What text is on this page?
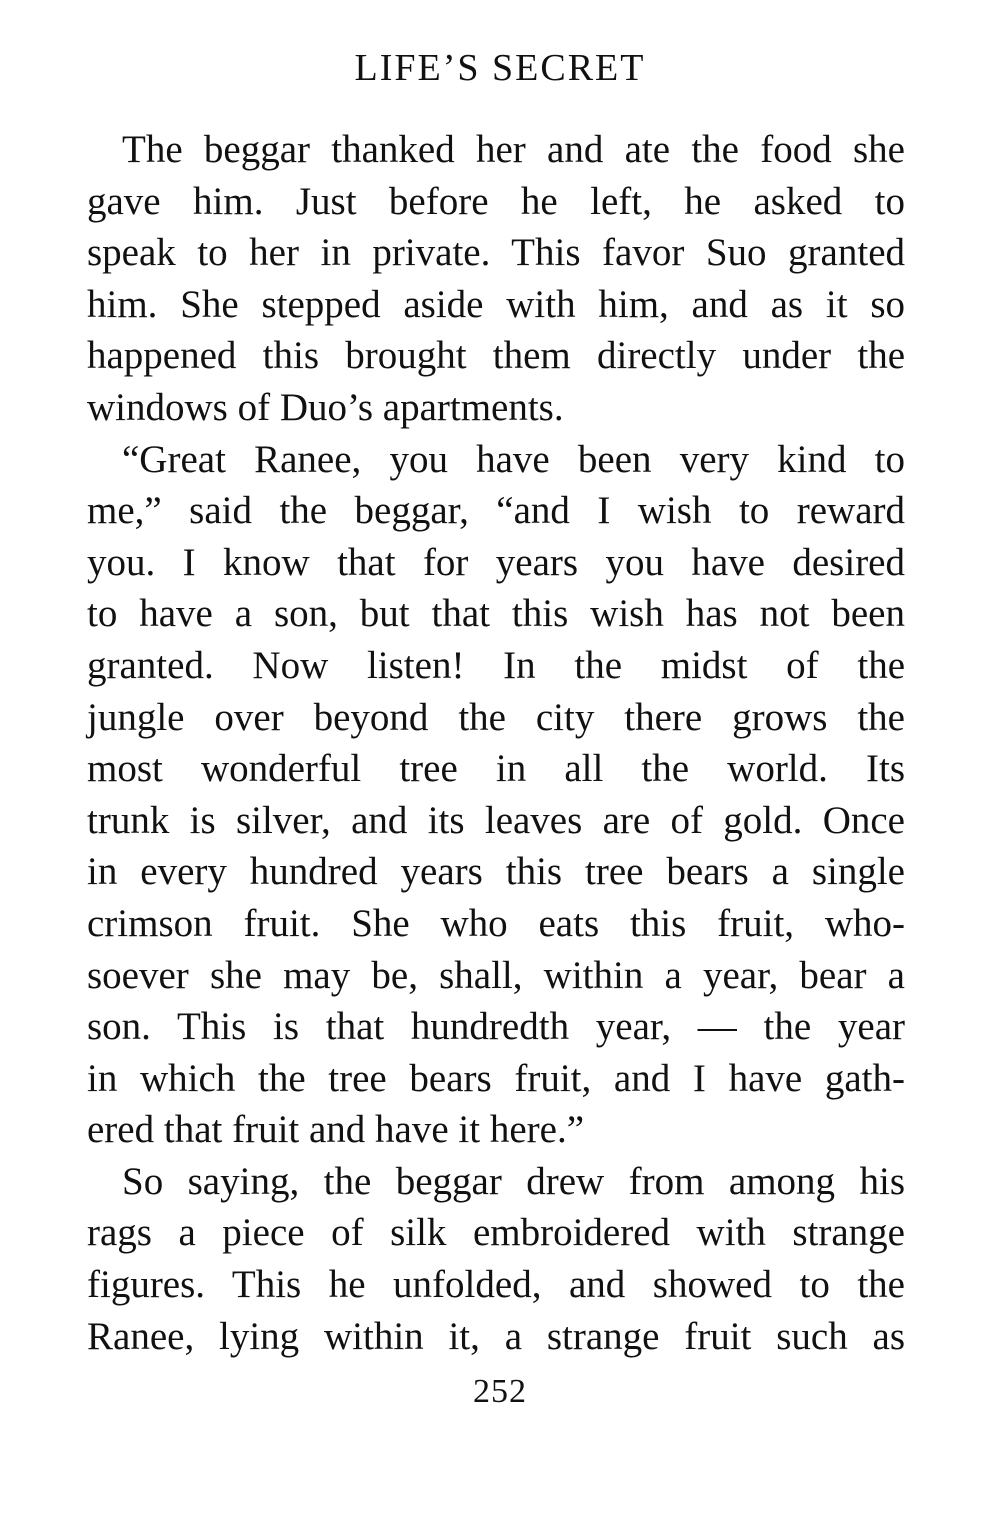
LIFE’S SECRET
The beggar thanked her and ate the food she
gave him. Just before he left, he asked to
speak to her in private. This favor Suo granted
him. She stepped aside with him, and as it so
happened this brought them directly under the
windows of Duo’s apartments.
“Great Ranee, you have been very kind to
me,” said the beggar, “and I wish to reward
you. I know that for years you have desired
to have a son, but that this wish has not been
granted. Now listen! In the midst of the
jungle over beyond the city there grows the
most wonderful tree in all the world. Its
trunk is silver, and its leaves are of gold. Once
in every hundred years this tree bears a single
crimson fruit. She who eats this fruit, who-
soever she may be, shall, within a year, bear a
son. This is that hundredth year, — the year
in which the tree bears fruit, and I have gath-
ered that fruit and have it here.”
So saying, the beggar drew from among his
rags a piece of silk embroidered with strange
figures. This he unfolded, and showed to the
Ranee, lying within it, a strange fruit such as
252
